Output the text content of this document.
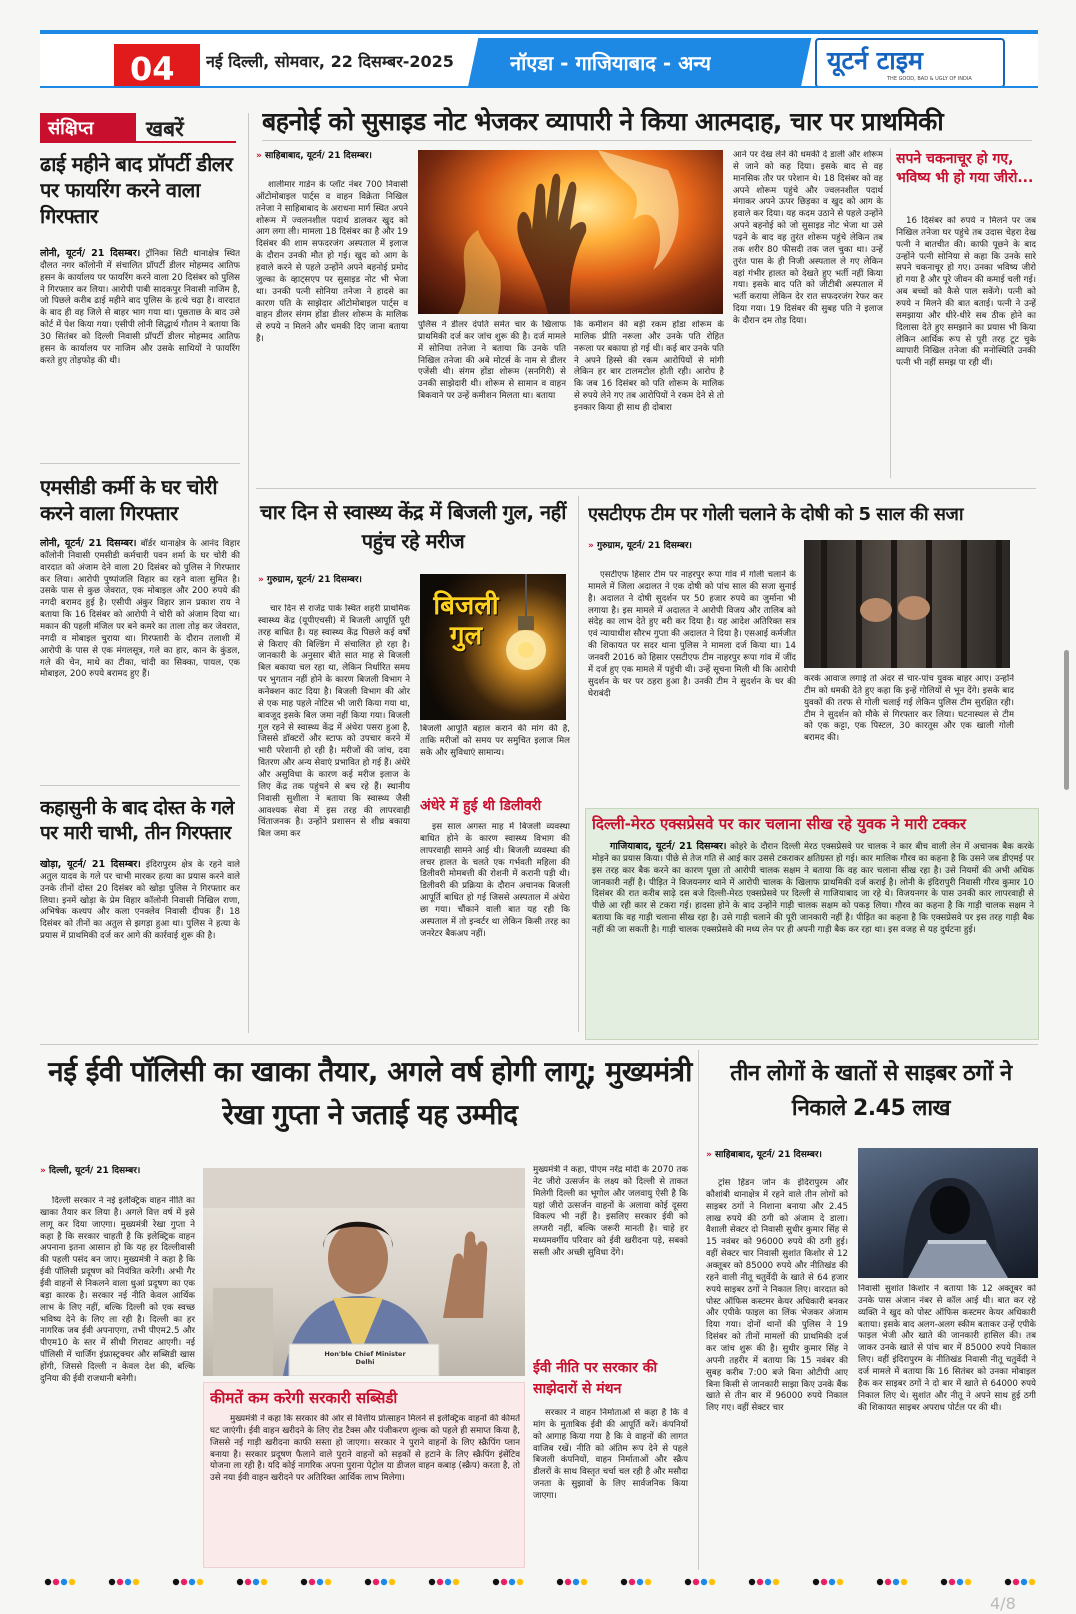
04 नई दिल्ली, सोमवार, 22 दिसम्बर-2025	नॉएडा - गाजियाबाद - अन्य	यूटर्न टाइम
THE GOOD, BAD & UGLY OF INDIA
संक्षिप्त	खबरें
ढाई महीने बाद प्रॉपर्टी डीलर पर फायरिंग करने वाला गिरफ्तार
लोनी, यूटर्न/ 21 दिसम्बर। ट्रॉनिका सिटी थानाक्षेत्र स्थित दौलत नगर कॉलोनी में संचालित प्रॉपर्टी डीलर मोहम्मद आतिफ हसन के कार्यालय पर फायरिंग करने वाला 20 दिसंबर को पुलिस ने गिरफ्तार कर लिया। आरोपी पाबी सादकपुर निवासी नाजिम है, जो पिछले करीब ढाई महीने बाद पुलिस के हत्थे चढ़ा है। वारदात के बाद ही वह जिले से बाहर भाग गया था। पूछताछ के बाद उसे कोर्ट में पेश किया गया। एसीपी लोनी सिद्धार्थ गौतम ने बताया कि 30 सितंबर को दिल्ली निवासी प्रॉपर्टी डीलर मोहम्मद आतिफ हसन के कार्यालय पर नाजिम और उसके साथियों ने फायरिंग करते हुए तोड़फोड़ की थी।
एमसीडी कर्मी के घर चोरी करने वाला गिरफ्तार
लोनी, यूटर्न/ 21 दिसम्बर। बॉर्डर थानाक्षेत्र के आनंद विहार कॉलोनी निवासी एमसीडी कर्मचारी पवन शर्मा के घर चोरी की वारदात को अंजाम देने वाला 20 दिसंबर को पुलिस ने गिरफ्तार कर लिया। आरोपी पुष्पांजलि विहार का रहने वाला सुमित है। उसके पास से कुछ जेवरात, एक मोबाइल और 200 रुपये की नगदी बरामद हुई है। एसीपी अंकुर विहार ज्ञान प्रकाश राय ने बताया कि 16 दिसंबर को आरोपी ने चोरी को अंजाम दिया था। मकान की पहली मंजिल पर बने कमरे का ताला तोड़ कर जेवरात, नगदी व मोबाइल चुराया था। गिरफ्तारी के दौरान तलाशी में आरोपी के पास से एक मंगलसूत्र, गले का हार, कान के कुंडल, गले की चेन, माथे का टीका, चांदी का सिक्का, पायल, एक मोबाइल, 200 रुपये बरामद हुए हैं।
कहासुनी के बाद दोस्त के गले पर मारी चाभी, तीन गिरफ्तार
खोड़ा, यूटर्न/ 21 दिसम्बर। इंदिरापुरम क्षेत्र के रहने वाले अतुल यादव के गले पर चाभी मारकर हत्या का प्रयास करने वाले उनके तीनों दोस्त 20 दिसंबर को खोड़ा पुलिस ने गिरफ्तार कर लिया। इनमें खोड़ा के प्रेम विहार कॉलोनी निवासी निखिल राणा, अभिषेक कश्यप और कला एनक्लेव निवासी दीपक हैं। 18 दिसंबर को तीनों का अतुल से झगड़ा हुआ था। पुलिस ने हत्या के प्रयास में प्राथमिकी दर्ज कर आगे की कार्रवाई शुरू की है।
बहनोई को सुसाइड नोट भेजकर व्यापारी ने किया आत्मदाह, चार पर प्राथमिकी
» साहिबाबाद, यूटर्न/ 21 दिसम्बर।
शालीमार गार्डन के प्लॉट नंबर 700 निवासी ऑटोमोबाइल पार्ट्स व वाहन विक्रेता निखिल तनेजा ने साहिबाबाद के अराधना मार्ग स्थित अपने शोरूम में ज्वलनशील पदार्थ डालकर खुद को आग लगा ली। मामला 18 दिसंबर का है और 19 दिसंबर की शाम सफदरजंग अस्पताल में इलाज के दौरान उनकी मौत हो गई। खुद को आग के हवाले करने से पहले उन्होंने अपने बहनोई प्रमोद जुल्का के व्हाट्सएप पर सुसाइड नोट भी भेजा था। उनकी पत्नी सोनिया तनेजा ने हादसे का कारण पति के साझेदार ऑटोमोबाइल पार्ट्स व वाहन डीलर संगम होंडा डीलर शोरूम के मालिक से रुपये न मिलने और धमकी दिए जाना बताया है।
पुलिस ने डीलर दंपति समेत चार के खिलाफ प्राथमिकी दर्ज कर जांच शुरू की है। दर्ज मामले में सोनिया तनेजा ने बताया कि उनके पति निखिल तनेजा की अबे मोटर्स के नाम से डीलर एजेंसी थी। संगम होंडा शोरूम (सनगिरी) से उनकी साझेदारी थी। शोरूम से सामान व वाहन बिकवाने पर उन्हें कमीशन मिलता था। बताया
कि कमीशन की बड़ी रकम होंडा शोरूम के मालिक प्रीति नरूला और उनके पति रोहित नरूला पर बकाया हो गई थी। कई बार उनके पति ने अपने हिस्से की रकम आरोपियों से मांगी लेकिन हर बार टालमटोल होती रही। आरोप है कि जब 16 दिसंबर को पति शोरूम के मालिक से रुपये लेने गए तब आरोपियों ने रकम देने से तो इनकार किया ही साथ ही दोबारा
आने पर देख लेने की धमकी दे डाली और शोरूम से जाने को कह दिया। इसके बाद से वह मानसिक तौर पर परेशान थे। 18 दिसंबर को वह अपने शोरूम पहुंचे और ज्वलनशील पदार्थ मंगाकर अपने ऊपर छिड़का व खुद को आग के हवाले कर दिया। यह कदम उठाने से पहले उन्होंने अपने बहनोई को जो सुसाइड नोट भेजा था उसे पढ़ने के बाद वह तुरंत शोरूम पहुंचे लेकिन तब तक शरीर 80 फीसदी तक जल चुका था। उन्हें तुरंत पास के ही निजी अस्पताल ले गए लेकिन वहां गंभीर हालत को देखते हुए भर्ती नहीं किया गया। इसके बाद पति को जीटीबी अस्पताल में भर्ती कराया लेकिन देर रात सफदरजंग रेफर कर दिया गया। 19 दिसंबर की सुबह पति ने इलाज के दौरान दम तोड़ दिया।
सपने चकनाचूर हो गए, भविष्य भी हो गया जीरो...
16 दिसंबर को रुपये न मिलने पर जब निखिल तनेजा घर पहुंचे तब उदास चेहरा देख पत्नी ने बातचीत की। काफी पूछने के बाद उन्होंने पत्नी सोनिया से कहा कि उनके सारे सपने चकनाचूर हो गए। उनका भविष्य जीरो हो गया है और पूरे जीवन की कमाई चली गई। अब बच्चों को कैसे पाल सकेंगे। पत्नी को रुपये न मिलने की बात बताई। पत्नी ने उन्हें समझाया और धीरे-धीरे सब ठीक होने का दिलासा देते हुए समझाने का प्रयास भी किया लेकिन आर्थिक रूप से पूरी तरह टूट चुके व्यापारी निखिल तनेजा की मनोस्थिति उनकी पत्नी भी नहीं समझ पा रही थीं।
चार दिन से स्वास्थ्य केंद्र में बिजली गुल, नहीं पहुंच रहे मरीज
» गुरुग्राम, यूटर्न/ 21 दिसम्बर।
चार दिन से राजेंद्र पार्क स्थित शहरी प्राथमिक स्वास्थ्य केंद्र (यूपीएचसी) में बिजली आपूर्ति पूरी तरह बाधित है। यह स्वास्थ्य केंद्र पिछले कई वर्षों से किराए की बिल्डिंग में संचालित हो रहा है। जानकारी के अनुसार बीते सात माह से बिजली बिल बकाया चल रहा था, लेकिन निर्धारित समय पर भुगतान नहीं होने के कारण बिजली विभाग ने कनेक्शन काट दिया है। बिजली विभाग की ओर से एक माह पहले नोटिस भी जारी किया गया था, बावजूद इसके बिल जमा नहीं किया गया। बिजली गुल रहने से स्वास्थ्य केंद्र में अंधेरा पसरा हुआ है, जिससे डॉक्टरों और स्टाफ को उपचार करने में भारी परेशानी हो रही है। मरीजों की जांच, दवा वितरण और अन्य सेवाएं प्रभावित हो गई हैं। अंधेरे और असुविधा के कारण कई मरीज इलाज के लिए केंद्र तक पहुंचने से बच रहे हैं। स्थानीय निवासी सुशीला ने बताया कि स्वास्थ्य जैसी आवश्यक सेवा में इस तरह की लापरवाही चिंताजनक है। उन्होंने प्रशासन से शीघ्र बकाया बिल जमा कर
बिजली गुल
बिजली आपूर्ति बहाल कराने की मांग की है, ताकि मरीजों को समय पर समुचित इलाज मिल सके और सुविधाएं सामान्य।
अंधेरे में हुई थी डिलीवरी
इस साल अगस्त माह में बिजली व्यवस्था बाधित होने के कारण स्वास्थ्य विभाग की लापरवाही सामने आई थी। बिजली व्यवस्था की लचर हालत के चलते एक गर्भवती महिला की डिलीवरी मोमबत्ती की रोशनी में करानी पड़ी थी। डिलीवरी की प्रक्रिया के दौरान अचानक बिजली आपूर्ति बाधित हो गई जिससे अस्पताल में अंधेरा छा गया। चौंकाने वाली बात यह रही कि अस्पताल में तो इन्वर्टर था लेकिन किसी तरह का जनरेटर बैकअप नहीं।
एसटीएफ टीम पर गोली चलाने के दोषी को 5 साल की सजा
» गुरुग्राम, यूटर्न/ 21 दिसम्बर।
एसटीएफ हिसार टीम पर नाहरपुर रूपा गांव में गोली चलाने के मामले में जिला अदालत ने एक दोषी को पांच साल की सजा सुनाई है। अदालत ने दोषी सुदर्शन पर 50 हजार रुपये का जुर्माना भी लगाया है। इस मामले में अदालत ने आरोपी विजय और तालिब को संदेह का लाभ देते हुए बरी कर दिया है। यह आदेश अतिरिक्त सत्र एवं न्यायाधीश सौरभ गुप्ता की अदालत ने दिया है। एसआई कर्मजीत की शिकायत पर सदर थाना पुलिस ने मामला दर्ज किया था। 14 जनवरी 2016 को हिसार एसटीएफ टीम नाहरपुर रूपा गांव में जींद में दर्ज हुए एक मामले में पहुंची थी। उन्हें सूचना मिली थी कि आरोपी सुदर्शन के घर पर ठहरा हुआ है। उनकी टीम ने सुदर्शन के घर की घेराबंदी
करके आवाज लगाई तो अंदर से चार-पांच युवक बाहर आए। उन्होंने टीम को धमकी देते हुए कहा कि इन्हें गोलियों से भून देंगे। इसके बाद युवकों की तरफ से गोली चलाई गई लेकिन पुलिस टीम सुरक्षित रही। टीम ने सुदर्शन को मौके से गिरफ्तार कर लिया। घटनास्थल से टीम को एक कट्टा, एक पिस्टल, 30 कारतूस और एक खाली गोली बरामद की।
दिल्ली-मेरठ एक्सप्रेसवे पर कार चलाना सीख रहे युवक ने मारी टक्कर
गाजियाबाद, यूटर्न/ 21 दिसम्बर। कोहरे के दौरान दिल्ली मेरठ एक्सप्रेसवे पर चालक ने कार बीच वाली लेन में अचानक बैक करके मोड़ने का प्रयास किया। पीछे से तेज गति से आई कार उससे टकराकर क्षतिग्रस्त हो गई। कार मालिक गौरव का कहना है कि उसने जब डीएमई पर इस तरह कार बैक करने का कारण पूछा तो आरोपी चालक सक्षम ने बताया कि वह कार चलाना सीख रहा है। उसे नियमों की अभी अधिक जानकारी नहीं है। पीड़ित ने विजयनगर थाने में आरोपी चालक के खिलाफ प्राथमिकी दर्ज कराई है। लोनी के इंदिरापुरी निवासी गौरव कुमार 10 दिसंबर की रात करीब साढ़े दस बजे दिल्ली-मेरठ एक्सप्रेसवे पर दिल्ली से गाजियाबाद जा रहे थे। विजयनगर के पास उनकी कार लापरवाही से पीछे आ रही कार से टकरा गई। हादसा होने के बाद उन्होंने गाड़ी चालक सक्षम को पकड़ लिया। गौरव का कहना है कि गाड़ी चालक सक्षम ने बताया कि वह गाड़ी चलाना सीख रहा है। उसे गाड़ी चलाने की पूरी जानकारी नहीं है। पीड़ित का कहना है कि एक्सप्रेसवे पर इस तरह गाड़ी बैक नहीं की जा सकती है। गाड़ी चालक एक्सप्रेसवे की मध्य लेन पर ही अपनी गाड़ी बैक कर रहा था। इस वजह से यह दुर्घटना हुई।
नई ईवी पॉलिसी का खाका तैयार, अगले वर्ष होगी लागू; मुख्यमंत्री रेखा गुप्ता ने जताई यह उम्मीद
» दिल्ली, यूटर्न/ 21 दिसम्बर।
दिल्ली सरकार ने नई इलेक्ट्रिक वाहन नीति का खाका तैयार कर लिया है। अगले वित्त वर्ष में इसे लागू कर दिया जाएगा। मुख्यमंत्री रेखा गुप्ता ने कहा है कि सरकार चाहती है कि इलेक्ट्रिक वाहन अपनाना इतना आसान हो कि यह हर दिल्लीवासी की पहली पसंद बन जाए। मुख्यमंत्री ने कहा है कि ईवी पॉलिसी प्रदूषण को नियंत्रित करेगी। अभी गैर ईवी वाहनों से निकलने वाला धुआं प्रदूषण का एक बड़ा कारक है। सरकार नई नीति केवल आर्थिक लाभ के लिए नहीं, बल्कि दिल्ली को एक स्वच्छ भविष्य देने के लिए ला रही है। दिल्ली का हर नागरिक जब ईवी अपनाएगा, तभी पीएम2.5 और पीएम10 के स्तर में सीधी गिरावट आएगी। नई पॉलिसी में चार्जिंग इंफ्रास्ट्रक्चर और सब्सिडी खास होंगी, जिससे दिल्ली न केवल देश की, बल्कि दुनिया की ईवी राजधानी बनेगी।
Hon'ble Chief Minister Delhi
मुख्यमंत्री ने कहा, पीएम नरेंद्र मोदी के 2070 तक नेट जीरो उत्सर्जन के लक्ष्य को दिल्ली से ताकत मिलेगी दिल्ली का भूगोल और जलवायु ऐसी है कि यहां जीरो उत्सर्जन वाहनों के अलावा कोई दूसरा विकल्प भी नहीं है। इसलिए सरकार ईवी को लग्जरी नहीं, बल्कि जरूरी मानती है। चाहे हर मध्यमवर्गीय परिवार को ईवी खरीदना पड़े, सबको सस्ती और अच्छी सुविधा देंगे।
ईवी नीति पर सरकार की साझेदारों से मंथन
सरकार ने वाहन निर्माताओं से कहा है कि वे मांग के मुताबिक ईवी की आपूर्ति करें। कंपनियों को आगाह किया गया है कि वे वाहनों की लागत वाजिब रखें। नीति को अंतिम रूप देने से पहले बिजली कंपनियों, वाहन निर्माताओं और स्क्रैप डीलरों के साथ विस्तृत चर्चा चल रही है और मसौदा जनता के सुझावों के लिए सार्वजनिक किया जाएगा।
कीमतें कम करेगी सरकारी सब्सिडी
मुख्यमंत्री ने कहा कि सरकार की ओर से वित्तीय प्रोत्साहन मिलने से इलेक्ट्रिक वाहनों की कीमतें घट जाएंगी। ईवी वाहन खरीदने के लिए रोड टैक्स और पंजीकरण शुल्क को पहले ही समाप्त किया है, जिससे नई गाड़ी खरीदना काफी सस्ता हो जाएगा। सरकार ने पुराने वाहनों के लिए स्क्रैपिंग प्लान बनाया है। सरकार प्रदूषण फैलाने वाले पुराने वाहनों को सड़कों से हटाने के लिए स्क्रैपिंग इंसेंटिव योजना ला रही है। यदि कोई नागरिक अपना पुराना पेट्रोल या डीजल वाहन कबाड़ (स्क्रैप) करता है, तो उसे नया ईवी वाहन खरीदने पर अतिरिक्त आर्थिक लाभ मिलेगा।
तीन लोगों के खातों से साइबर ठगों ने निकाले 2.45 लाख
» साहिबाबाद, यूटर्न/ 21 दिसम्बर।
ट्रांस हिंडन जोन के इंदिरापुरम और कौशांबी थानाक्षेत्र में रहने वाले तीन लोगों को साइबर ठगों ने निशाना बनाया और 2.45 लाख रुपये की ठगी को अंजाम दे डाला। वैशाली सेक्टर दो निवासी सुधीर कुमार सिंह से 15 नवंबर को 96000 रुपये की ठगी हुई। वहीं सेक्टर चार निवासी सुशांत किशोर से 12 अक्तूबर को 85000 रुपये और नीतिखंड की रहने वाली नीतू चतुर्वेदी के खाते से 64 हजार रुपये साइबर ठगों ने निकाल लिए। वारदात को पोस्ट ऑफिस कस्टमर केयर अधिकारी बनकर और एपीके फाइल का लिंक भेजकर अंजाम दिया गया। दोनों थानों की पुलिस ने 19 दिसंबर को तीनों मामलों की प्राथमिकी दर्ज कर जांच शुरू की है। सुधीर कुमार सिंह ने अपनी तहरीर में बताया कि 15 नवंबर की सुबह करीब 7:00 बजे बिना ओटीपी आए बिना किसी से जानकारी साझा किए उनके बैंक खाते से तीन बार में 96000 रुपये निकाल लिए गए। वहीं सेक्टर चार
निवासी सुशांत किशोर ने बताया कि 12 अक्तूबर को उनके पास अंजान नंबर से कॉल आई थी। बात कर रहे व्यक्ति ने खुद को पोस्ट ऑफिस कस्टमर केयर अधिकारी बताया। इसके बाद अलग-अलग स्कीम बताकर उन्हें एपीके फाइल भेजी और खाते की जानकारी हासिल की। तब जाकर उनके खाते से पांच बार में 85000 रुपये निकाल लिए। वहीं इंदिरापुरम के नीतिखंड निवासी नीतू चतुर्वेदी ने दर्ज मामले में बताया कि 16 सितंबर को उनका मोबाइल हैक कर साइबर ठगों ने दो बार में खाते से 64000 रुपये निकाल लिए थे। सुशांत और नीतू ने अपने साथ हुई ठगी की शिकायत साइबर अपराध पोर्टल पर की थी।
4/8
